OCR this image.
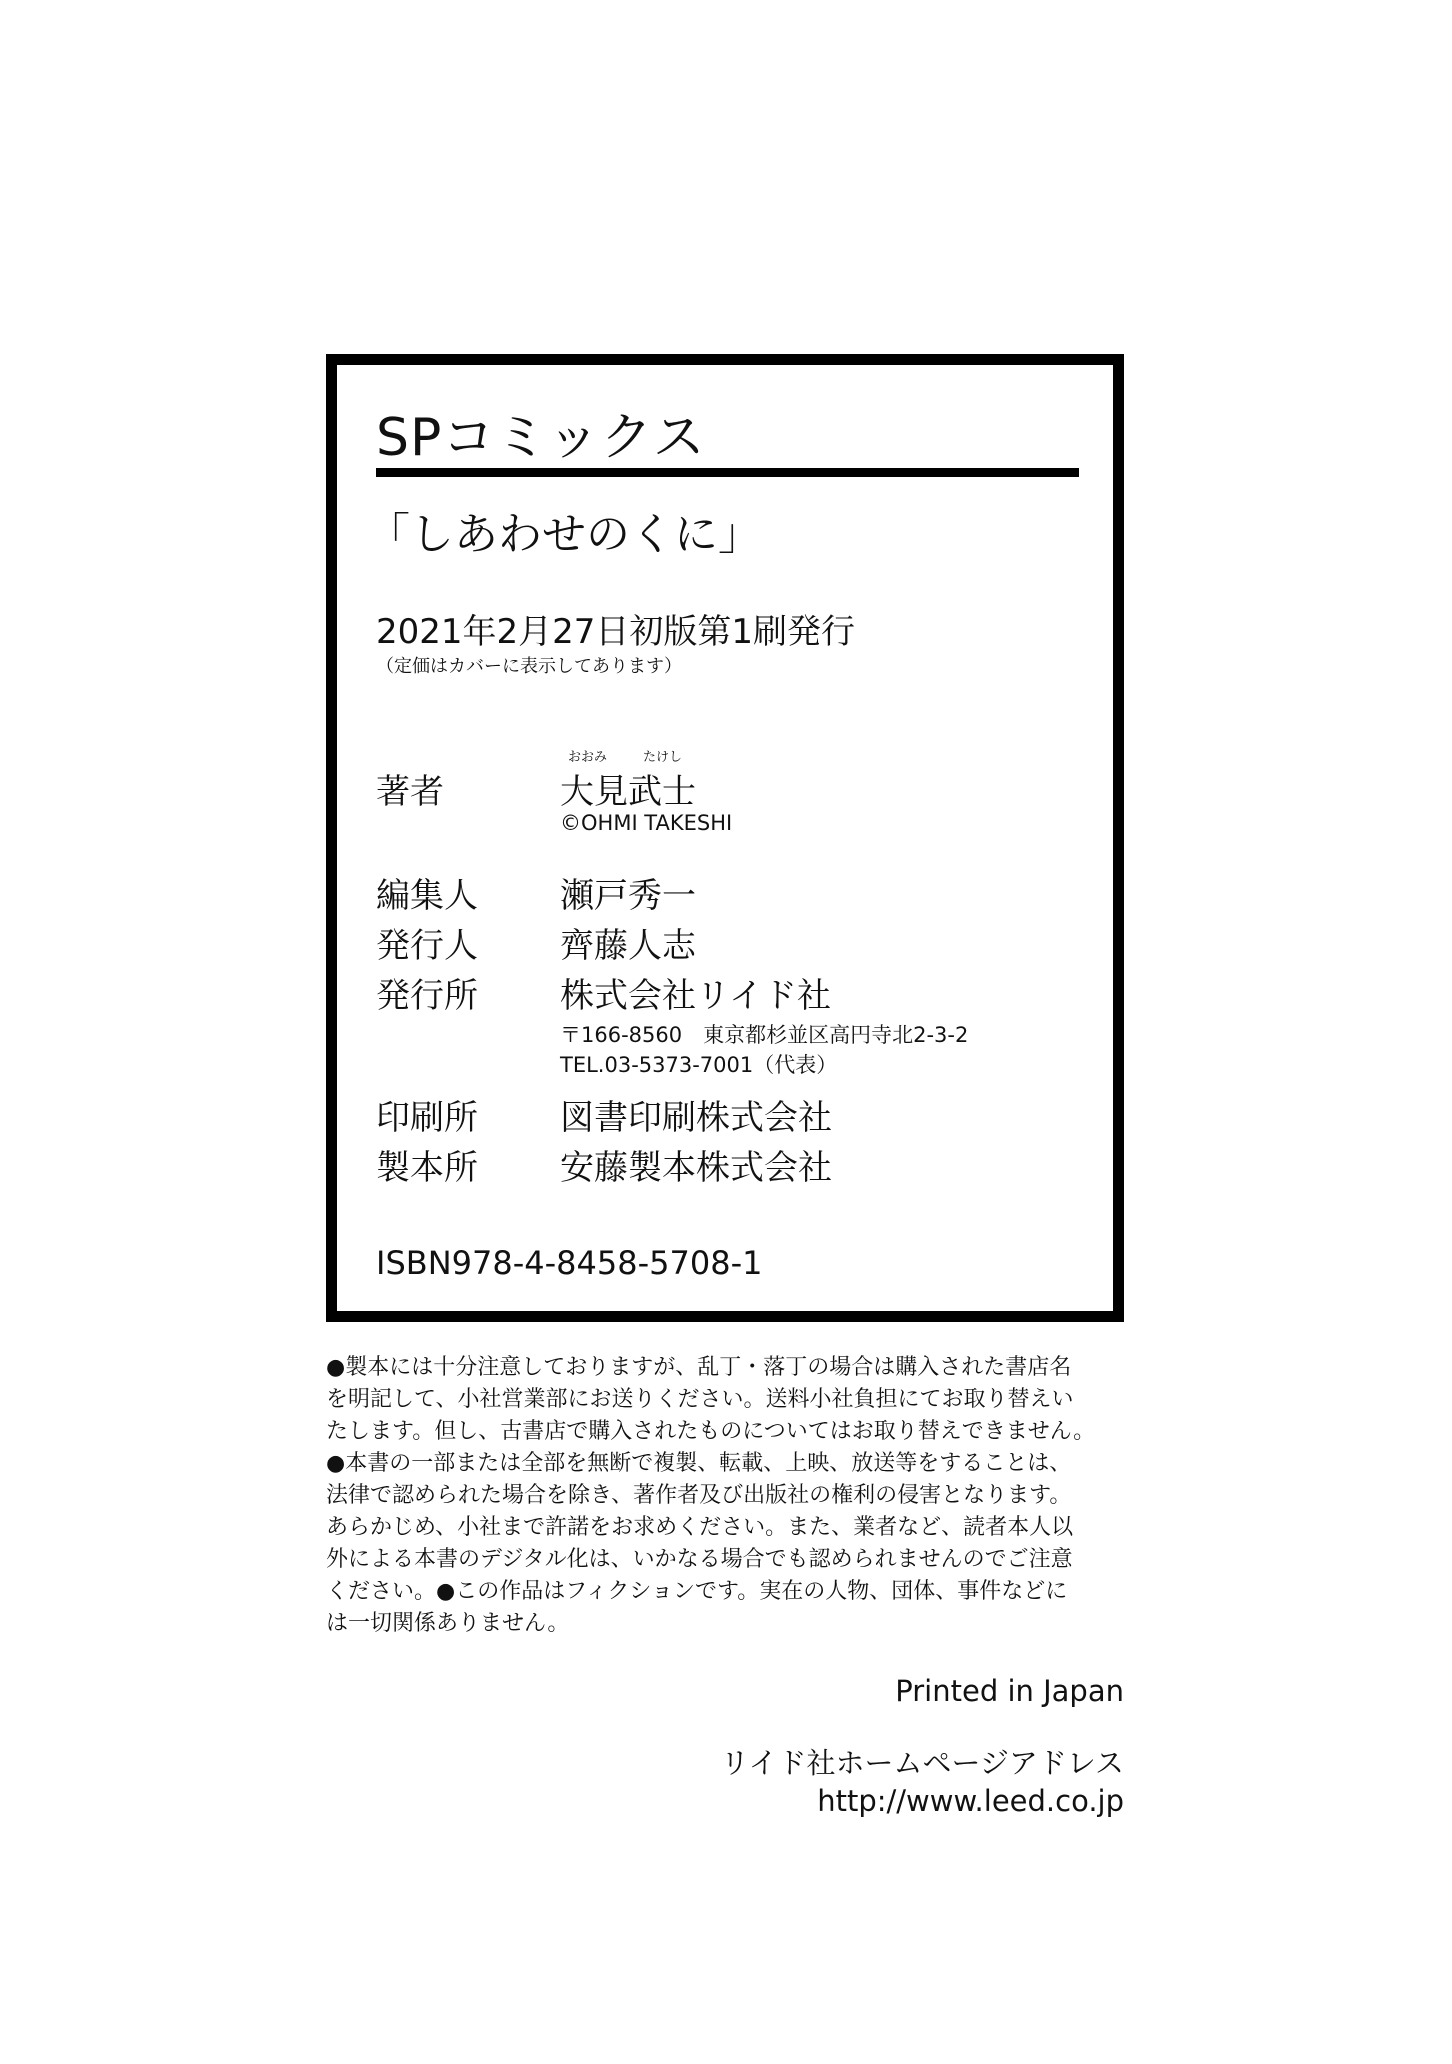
SPコミックス
「しあわせのくに」
2021年2月27日初版第1刷発行
（定価はカバーに表示してあります）
著者
おおみ	たけし
大見武士
©OHMI TAKESHI
編集人 瀬戸秀一
発行人 齊藤人志
発行所 株式会社リイド社
〒166-8560　東京都杉並区高円寺北2-3-2
TEL.03-5373-7001（代表）
印刷所 図書印刷株式会社
製本所 安藤製本株式会社
ISBN978-4-8458-5708-1

●製本には十分注意しておりますが、乱丁・落丁の場合は購入された書店名

を明記して、小社営業部にお送りください。送料小社負担にてお取り替えい

たします。但し、古書店で購入されたものについてはお取り替えできません。

●本書の一部または全部を無断で複製、転載、上映、放送等をすることは、

法律で認められた場合を除き、著作者及び出版社の権利の侵害となります。

あらかじめ、小社まで許諾をお求めください。また、業者など、読者本人以

外による本書のデジタル化は、いかなる場合でも認められませんのでご注意

ください。●この作品はフィクションです。実在の人物、団体、事件などに

は一切関係ありません。

Printed in Japan
リイド社ホームページアドレス
http://www.leed.co.jp
